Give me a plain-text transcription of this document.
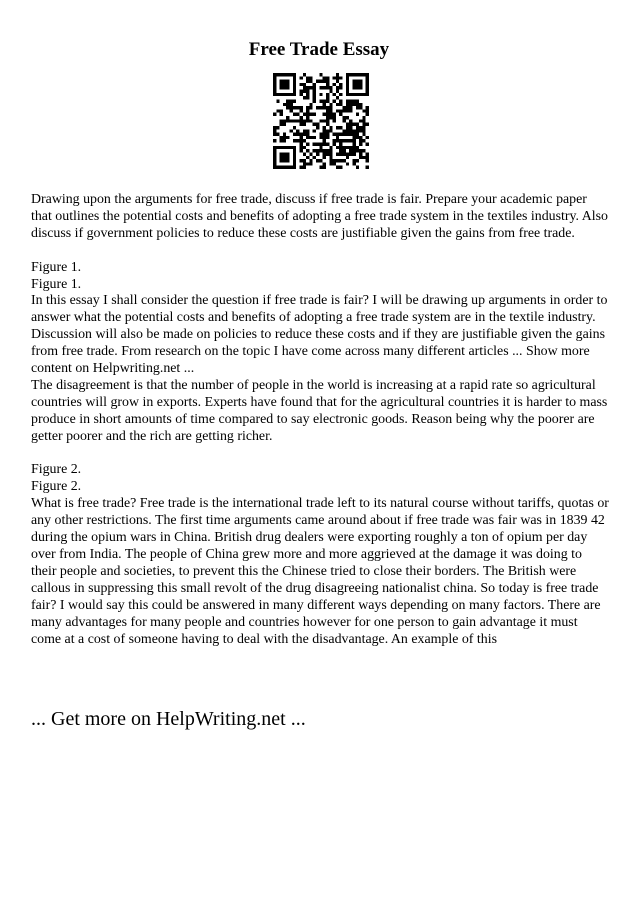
Free Trade Essay

Drawing upon the arguments for free trade, discuss if free trade is fair. Prepare your academic paper that outlines the potential costs and benefits of adopting a free trade system in the textiles industry. Also discuss if government policies to reduce these costs are justifiable given the gains from free trade.

Figure 1.

Figure 1.

In this essay I shall consider the question if free trade is fair? I will be drawing up arguments in order to answer what the potential costs and benefits of adopting a free trade system are in the textile industry. Discussion will also be made on policies to reduce these costs and if they are justifiable given the gains from free trade. From research on the topic I have come across many different articles ... Show more content on Helpwriting.net ...

The disagreement is that the number of people in the world is increasing at a rapid rate so agricultural countries will grow in exports. Experts have found that for the agricultural countries it is harder to mass produce in short amounts of time compared to say electronic goods. Reason being why the poorer are getter poorer and the rich are getting richer.

Figure 2.

Figure 2.

What is free trade? Free trade is the international trade left to its natural course without tariffs, quotas or any other restrictions. The first time arguments came around about if free trade was fair was in 1839 42 during the opium wars in China. British drug dealers were exporting roughly a ton of opium per day over from India. The people of China grew more and more aggrieved at the damage it was doing to their people and societies, to prevent this the Chinese tried to close their borders. The British were callous in suppressing this small revolt of the drug disagreeing nationalist china. So today is free trade fair? I would say this could be answered in many different ways depending on many factors. There are many advantages for many people and countries however for one person to gain advantage it must come at a cost of someone having to deal with the disadvantage. An example of this

... Get more on HelpWriting.net ...
